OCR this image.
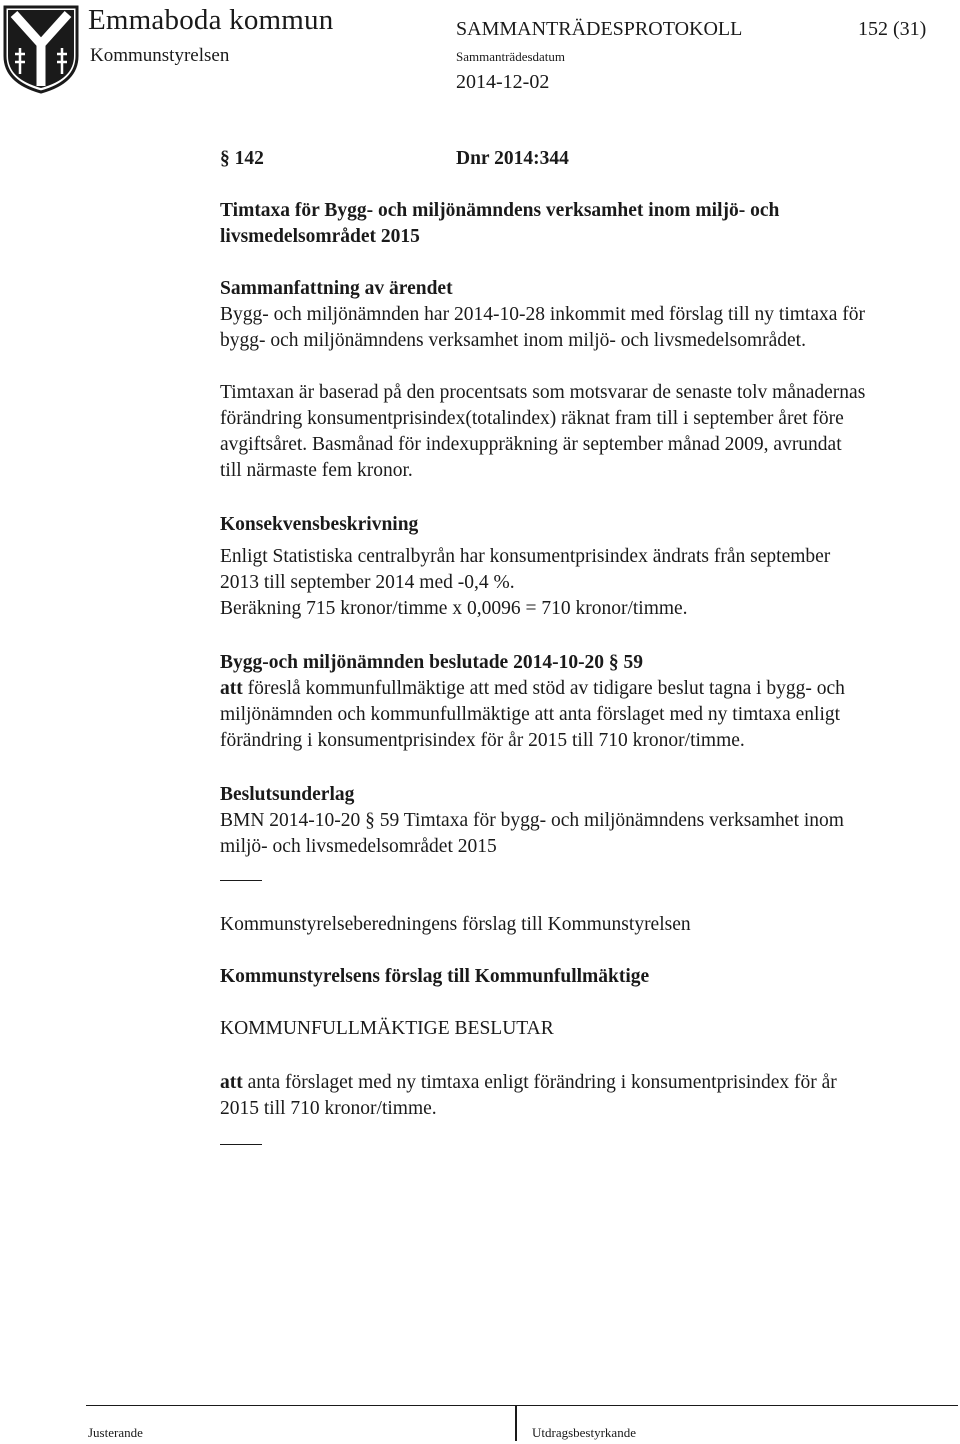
Emmaboda kommun
Kommunstyrelsen
SAMMANTRÄDESPROTOKOLL	152 (31)
Sammanträdesdatum
2014-12-02
§ 142	Dnr 2014:344

Timtaxa för Bygg- och miljönämndens verksamhet inom miljö- och

livsmedelsområdet 2015

Sammanfattning av ärendet

Bygg- och miljönämnden har 2014-10-28 inkommit med förslag till ny timtaxa för

bygg- och miljönämndens verksamhet inom miljö- och livsmedelsområdet.

Timtaxan är baserad på den procentsats som motsvarar de senaste tolv månadernas

förändring konsumentprisindex(totalindex) räknat fram till i september året före

avgiftsåret. Basmånad för indexuppräkning är september månad 2009, avrundat

till närmaste fem kronor.

Konsekvensbeskrivning

Enligt Statistiska centralbyrån har konsumentprisindex ändrats från september

2013 till september 2014 med -0,4 %.

Beräkning 715 kronor/timme x 0,0096 = 710 kronor/timme.

Bygg-och miljönämnden beslutade 2014-10-20 § 59

att föreslå kommunfullmäktige att med stöd av tidigare beslut tagna i bygg- och

miljönämnden och kommunfullmäktige att anta förslaget med ny timtaxa enligt

förändring i konsumentprisindex för år 2015 till 710 kronor/timme.

Beslutsunderlag

BMN 2014-10-20 § 59 Timtaxa för bygg- och miljönämndens verksamhet inom

miljö- och livsmedelsområdet 2015

Kommunstyrelseberedningens förslag till Kommunstyrelsen
Kommunstyrelsens förslag till Kommunfullmäktige
KOMMUNFULLMÄKTIGE BESLUTAR

att anta förslaget med ny timtaxa enligt förändring i konsumentprisindex för år

2015 till 710 kronor/timme.

Justerande	Utdragsbestyrkande
